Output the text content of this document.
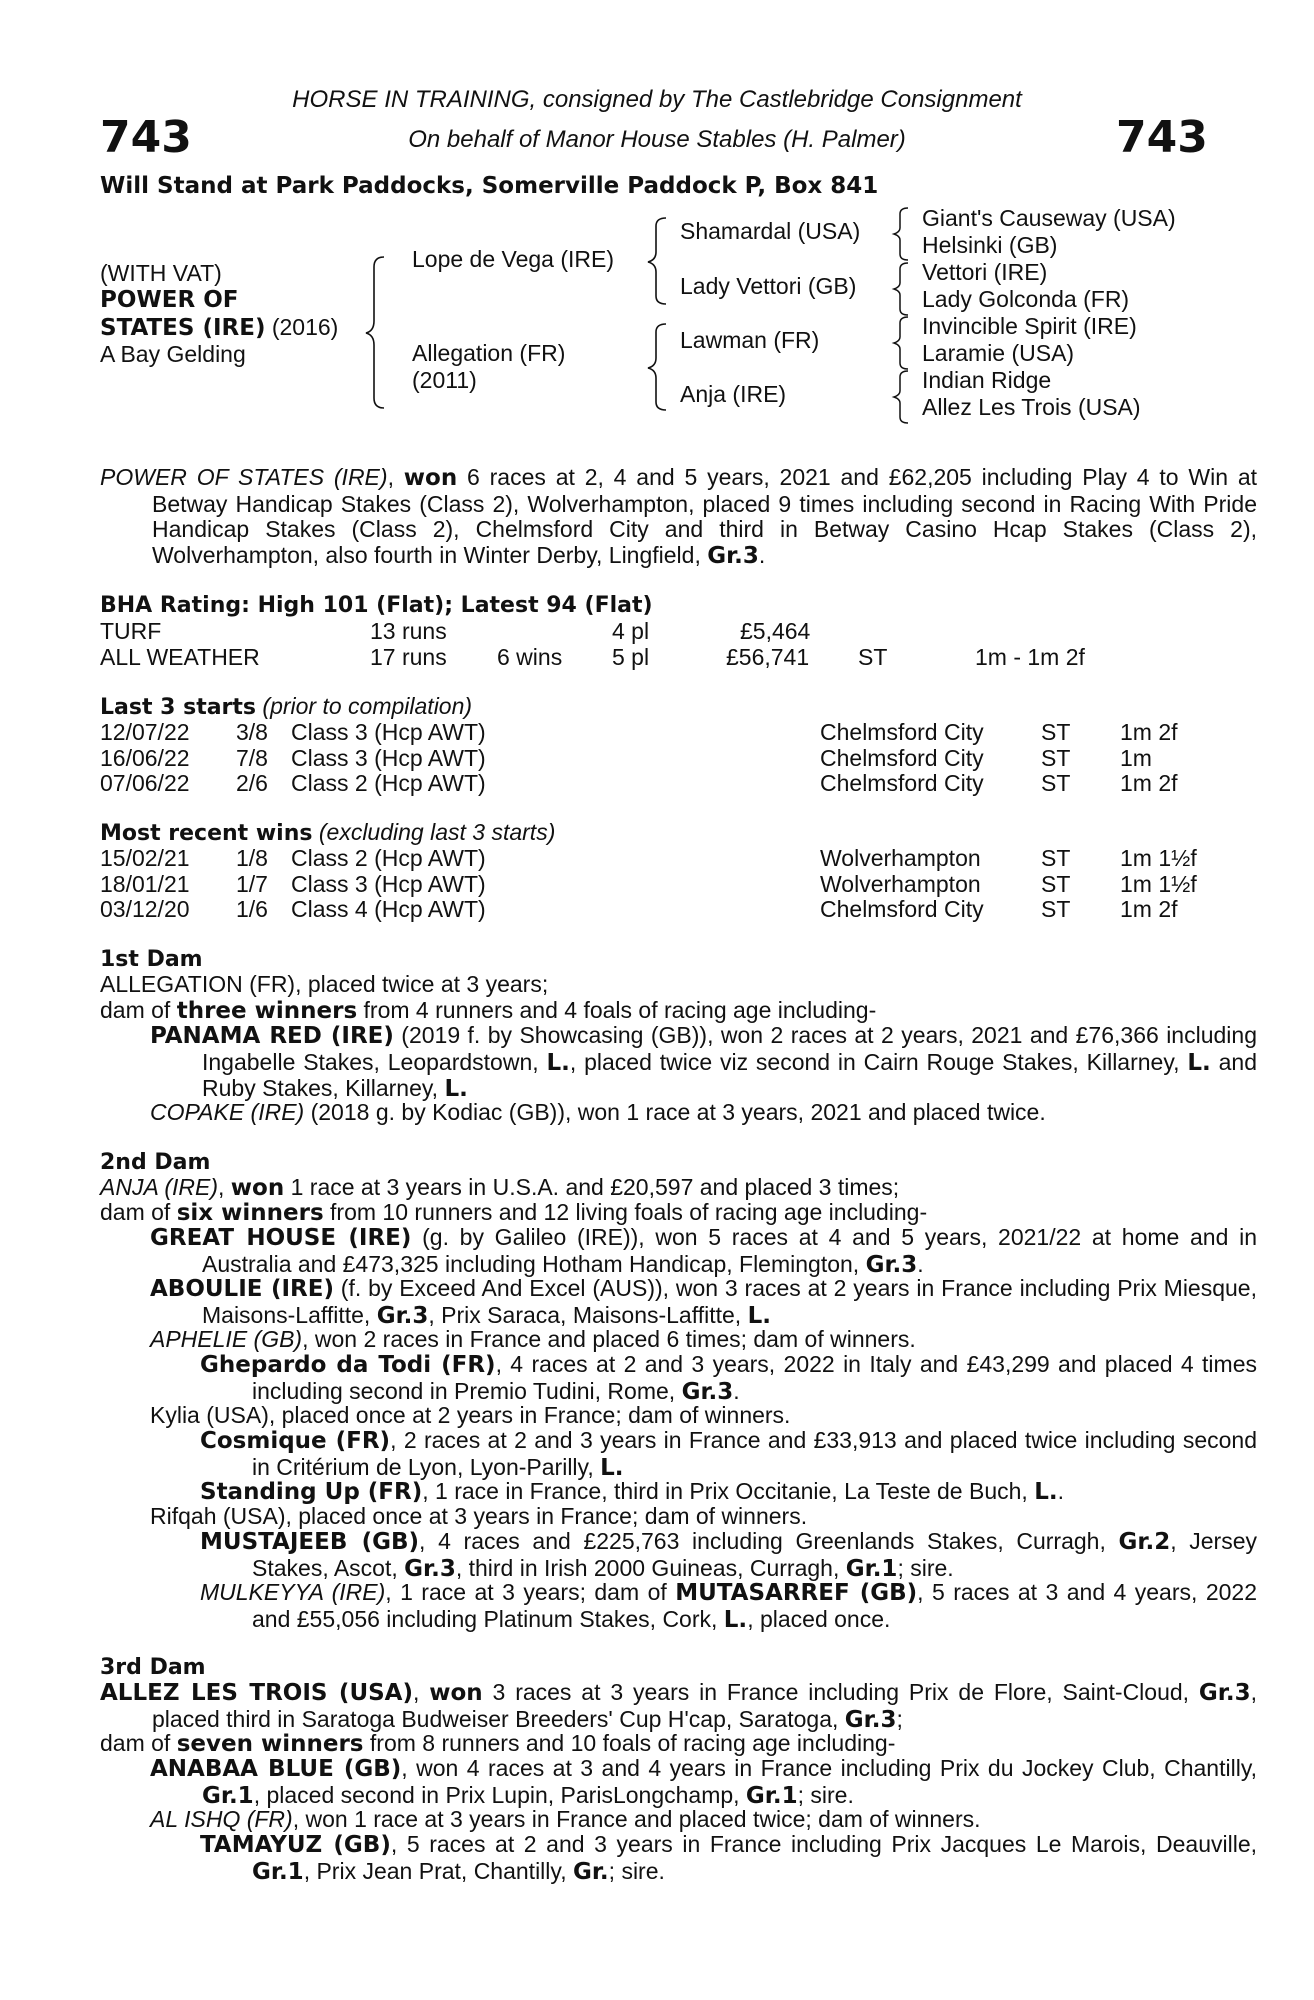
743	743
HORSE IN TRAINING, consigned by The Castlebridge Consignment
On behalf of Manor House Stables (H. Palmer)
Will Stand at Park Paddocks, Somerville Paddock P, Box 841
(WITH VAT)
POWER OF
STATES (IRE) (2016)
A Bay Gelding
Lope de Vega (IRE)
Allegation (FR)
(2011)
Shamardal (USA)
Lady Vettori (GB)
Lawman (FR)
Anja (IRE)
Giant's Causeway (USA)
Helsinki (GB)
Vettori (IRE)
Lady Golconda (FR)
Invincible Spirit (IRE)
Laramie (USA)
Indian Ridge
Allez Les Trois (USA)
POWER OF STATES (IRE), won 6 races at 2, 4 and 5 years, 2021 and £62,205 including Play 4 to Win at Betway Handicap Stakes (Class 2), Wolverhampton, placed 9 times including second in Racing With Pride Handicap Stakes (Class 2), Chelmsford City and third in Betway Casino Hcap Stakes (Class 2), Wolverhampton, also fourth in Winter Derby, Lingfield, Gr.3.
BHA Rating: High 101 (Flat); Latest 94 (Flat)
TURF	13 runs	4 pl	£5,464
ALL WEATHER	17 runs 6 wins 5 pl	£56,741 ST	1m - 1m 2f
Last 3 starts (prior to compilation)
12/07/22 3/8 Class 3 (Hcp AWT)	Chelmsford City ST 1m 2f
16/06/22 7/8 Class 3 (Hcp AWT)	Chelmsford City ST 1m
07/06/22 2/6 Class 2 (Hcp AWT)	Chelmsford City ST 1m 2f
Most recent wins (excluding last 3 starts)
15/02/21 1/8 Class 2 (Hcp AWT)	Wolverhampton	ST 1m 1½f
18/01/21 1/7 Class 3 (Hcp AWT)	Wolverhampton	ST 1m 1½f
03/12/20 1/6 Class 4 (Hcp AWT)	Chelmsford City ST 1m 2f
1st Dam
ALLEGATION (FR), placed twice at 3 years;
dam of three winners from 4 runners and 4 foals of racing age including-
PANAMA RED (IRE) (2019 f. by Showcasing (GB)), won 2 races at 2 years, 2021 and £76,366 including Ingabelle Stakes, Leopardstown, L., placed twice viz second in Cairn Rouge Stakes, Killarney, L. and Ruby Stakes, Killarney, L.
COPAKE (IRE) (2018 g. by Kodiac (GB)), won 1 race at 3 years, 2021 and placed twice.
2nd Dam
ANJA (IRE), won 1 race at 3 years in U.S.A. and £20,597 and placed 3 times;
dam of six winners from 10 runners and 12 living foals of racing age including-
GREAT HOUSE (IRE) (g. by Galileo (IRE)), won 5 races at 4 and 5 years, 2021/22 at home and in Australia and £473,325 including Hotham Handicap, Flemington, Gr.3.
ABOULIE (IRE) (f. by Exceed And Excel (AUS)), won 3 races at 2 years in France including Prix Miesque, Maisons-Laffitte, Gr.3, Prix Saraca, Maisons-Laffitte, L.
APHELIE (GB), won 2 races in France and placed 6 times; dam of winners.
Ghepardo da Todi (FR), 4 races at 2 and 3 years, 2022 in Italy and £43,299 and placed 4 times including second in Premio Tudini, Rome, Gr.3.
Kylia (USA), placed once at 2 years in France; dam of winners.
Cosmique (FR), 2 races at 2 and 3 years in France and £33,913 and placed twice including second in Critérium de Lyon, Lyon-Parilly, L.
Standing Up (FR), 1 race in France, third in Prix Occitanie, La Teste de Buch, L..
Rifqah (USA), placed once at 3 years in France; dam of winners.
MUSTAJEEB (GB), 4 races and £225,763 including Greenlands Stakes, Curragh, Gr.2, Jersey Stakes, Ascot, Gr.3, third in Irish 2000 Guineas, Curragh, Gr.1; sire.
MULKEYYA (IRE), 1 race at 3 years; dam of MUTASARREF (GB), 5 races at 3 and 4 years, 2022 and £55,056 including Platinum Stakes, Cork, L., placed once.
3rd Dam
ALLEZ LES TROIS (USA), won 3 races at 3 years in France including Prix de Flore, Saint-Cloud, Gr.3, placed third in Saratoga Budweiser Breeders' Cup H'cap, Saratoga, Gr.3;
dam of seven winners from 8 runners and 10 foals of racing age including-
ANABAA BLUE (GB), won 4 races at 3 and 4 years in France including Prix du Jockey Club, Chantilly, Gr.1, placed second in Prix Lupin, ParisLongchamp, Gr.1; sire.
AL ISHQ (FR), won 1 race at 3 years in France and placed twice; dam of winners.
TAMAYUZ (GB), 5 races at 2 and 3 years in France including Prix Jacques Le Marois, Deauville, Gr.1, Prix Jean Prat, Chantilly, Gr.; sire.
